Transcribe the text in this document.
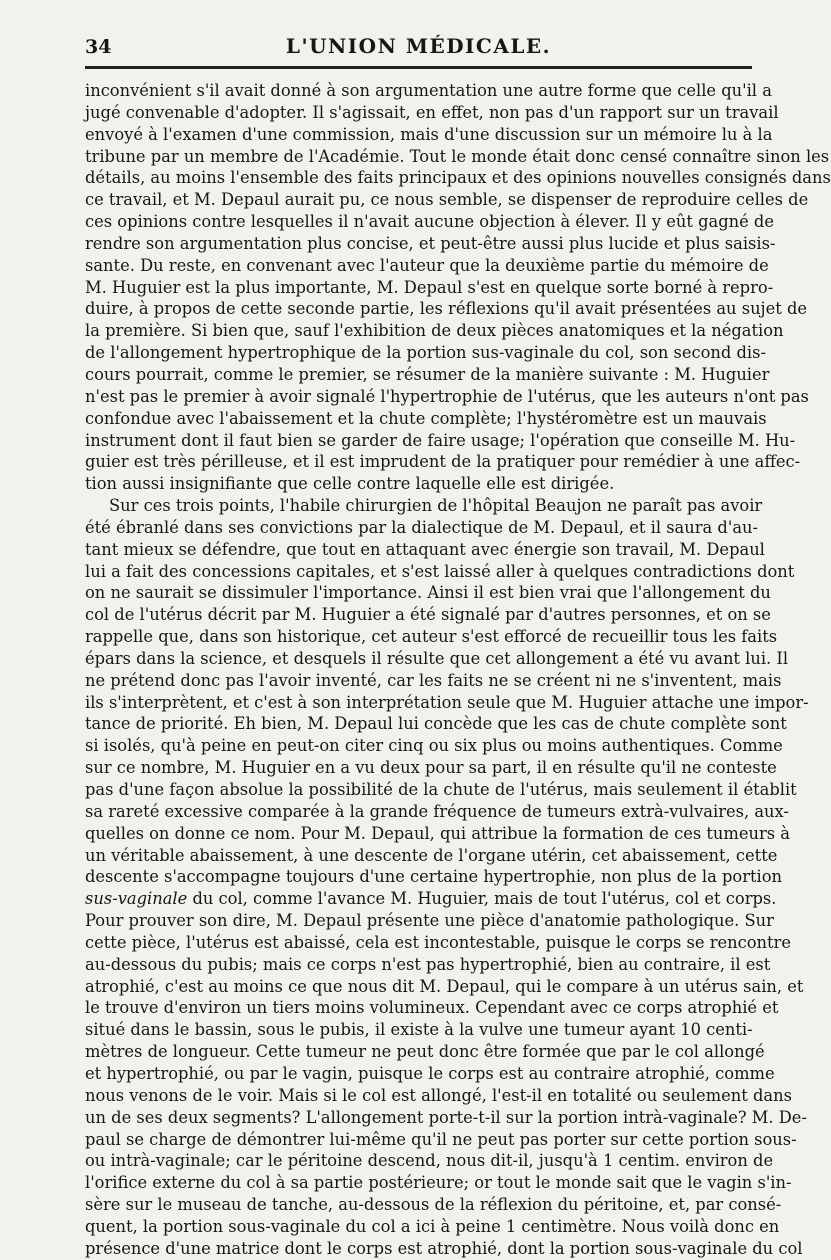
34	L'UNION MÉDICALE.
inconvénient s'il avait donné à son argumentation une autre forme que celle qu'il a
jugé convenable d'adopter. Il s'agissait, en effet, non pas d'un rapport sur un travail
envoyé à l'examen d'une commission, mais d'une discussion sur un mémoire lu à la
tribune par un membre de l'Académie. Tout le monde était donc censé connaître sinon les
détails, au moins l'ensemble des faits principaux et des opinions nouvelles consignés dans
ce travail, et M. Depaul aurait pu, ce nous semble, se dispenser de reproduire celles de
ces opinions contre lesquelles il n'avait aucune objection à élever. Il y eût gagné de
rendre son argumentation plus concise, et peut-être aussi plus lucide et plus saisis-
sante. Du reste, en convenant avec l'auteur que la deuxième partie du mémoire de
M. Huguier est la plus importante, M. Depaul s'est en quelque sorte borné à repro-
duire, à propos de cette seconde partie, les réflexions qu'il avait présentées au sujet de
la première. Si bien que, sauf l'exhibition de deux pièces anatomiques et la négation
de l'allongement hypertrophique de la portion sus-vaginale du col, son second dis-
cours pourrait, comme le premier, se résumer de la manière suivante : M. Huguier
n'est pas le premier à avoir signalé l'hypertrophie de l'utérus, que les auteurs n'ont pas
confondue avec l'abaissement et la chute complète; l'hystéromètre est un mauvais
instrument dont il faut bien se garder de faire usage; l'opération que conseille M. Hu-
guier est très périlleuse, et il est imprudent de la pratiquer pour remédier à une affec-
tion aussi insignifiante que celle contre laquelle elle est dirigée.
Sur ces trois points, l'habile chirurgien de l'hôpital Beaujon ne paraît pas avoir
été ébranlé dans ses convictions par la dialectique de M. Depaul, et il saura d'au-
tant mieux se défendre, que tout en attaquant avec énergie son travail, M. Depaul
lui a fait des concessions capitales, et s'est laissé aller à quelques contradictions dont
on ne saurait se dissimuler l'importance. Ainsi il est bien vrai que l'allongement du
col de l'utérus décrit par M. Huguier a été signalé par d'autres personnes, et on se
rappelle que, dans son historique, cet auteur s'est efforcé de recueillir tous les faits
épars dans la science, et desquels il résulte que cet allongement a été vu avant lui. Il
ne prétend donc pas l'avoir inventé, car les faits ne se créent ni ne s'inventent, mais
ils s'interprètent, et c'est à son interprétation seule que M. Huguier attache une impor-
tance de priorité. Eh bien, M. Depaul lui concède que les cas de chute complète sont
si isolés, qu'à peine en peut-on citer cinq ou six plus ou moins authentiques. Comme
sur ce nombre, M. Huguier en a vu deux pour sa part, il en résulte qu'il ne conteste
pas d'une façon absolue la possibilité de la chute de l'utérus, mais seulement il établit
sa rareté excessive comparée à la grande fréquence de tumeurs extrà-vulvaires, aux-
quelles on donne ce nom. Pour M. Depaul, qui attribue la formation de ces tumeurs à
un véritable abaissement, à une descente de l'organe utérin, cet abaissement, cette
descente s'accompagne toujours d'une certaine hypertrophie, non plus de la portion
sus-vaginale du col, comme l'avance M. Huguier, mais de tout l'utérus, col et corps.
Pour prouver son dire, M. Depaul présente une pièce d'anatomie pathologique. Sur
cette pièce, l'utérus est abaissé, cela est incontestable, puisque le corps se rencontre
au-dessous du pubis; mais ce corps n'est pas hypertrophié, bien au contraire, il est
atrophié, c'est au moins ce que nous dit M. Depaul, qui le compare à un utérus sain, et
le trouve d'environ un tiers moins volumineux. Cependant avec ce corps atrophié et
situé dans le bassin, sous le pubis, il existe à la vulve une tumeur ayant 10 centi-
mètres de longueur. Cette tumeur ne peut donc être formée que par le col allongé
et hypertrophié, ou par le vagin, puisque le corps est au contraire atrophié, comme
nous venons de le voir. Mais si le col est allongé, l'est-il en totalité ou seulement dans
un de ses deux segments? L'allongement porte-t-il sur la portion intrà-vaginale? M. De-
paul se charge de démontrer lui-même qu'il ne peut pas porter sur cette portion sous-
ou intrà-vaginale; car le péritoine descend, nous dit-il, jusqu'à 1 centim. environ de
l'orifice externe du col à sa partie postérieure; or tout le monde sait que le vagin s'in-
sère sur le museau de tanche, au-dessous de la réflexion du péritoine, et, par consé-
quent, la portion sous-vaginale du col a ici à peine 1 centimètre. Nous voilà donc en
présence d'une matrice dont le corps est atrophié, dont la portion sous-vaginale du col
